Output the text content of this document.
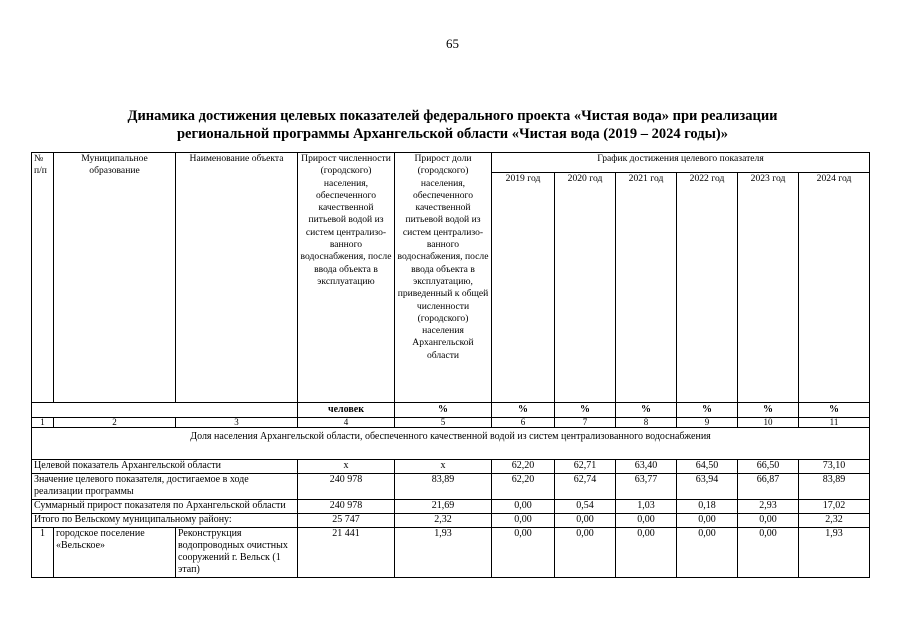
65
Динамика достижения целевых показателей федерального проекта «Чистая вода» при реализации
региональной программы Архангельской области «Чистая вода (2019 – 2024 годы)»
№ п/п	Муниципальное образование	Наименование объекта	Прирост численности (городского) населения, обеспеченного качественной питьевой водой из систем централизо-ванного водоснабжения, после ввода объекта в эксплуатацию	Прирост доли (городского) населения, обеспеченного качественной питьевой водой из систем централизо-ванного водоснабжения, после ввода объекта в эксплуатацию, приведенный к общей численности (городского) населения Архангельской области	График достижения целевого показателя					
					2019 год	2020 год	2021 год	2022 год	2023 год	2024 год
			человек	%	%	%	%	%	%	%
1	2	3	4	5	6	7	8	9	10	11
Доля населения Архангельской области, обеспеченного качественной водой из систем централизованного водоснабжения										
Целевой показатель Архангельской области			x	x	62,20	62,71	63,40	64,50	66,50	73,10
Значение целевого показателя, достигаемое в ходе реализации программы			240 978	83,89	62,20	62,74	63,77	63,94	66,87	83,89
Суммарный прирост показателя по Архангельской области			240 978	21,69	0,00	0,54	1,03	0,18	2,93	17,02
Итого по Вельскому муниципальному району:			25 747	2,32	0,00	0,00	0,00	0,00	0,00	2,32
1	городское поселение «Вельское»	Реконструкция водопроводных очистных сооружений г. Вельск (1 этап)	21 441	1,93	0,00	0,00	0,00	0,00	0,00	1,93
